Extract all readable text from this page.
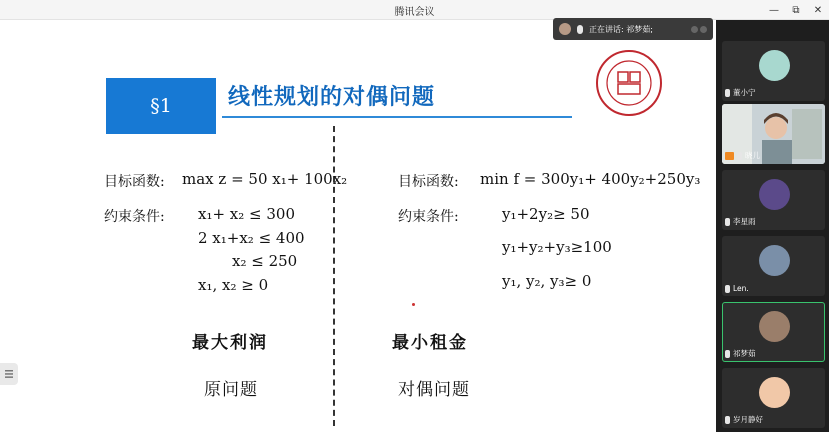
腾讯会议	—	⧉	✕
§1	线性规划的对偶问题
目标函数: max z = 50 x₁+ 100x₂
约束条件: x₁+ x₂ ≤ 300
2 x₁+x₂ ≤ 400
x₂ ≤ 250
x₁, x₂ ≥ 0
最大利润
原问题
目标函数: min f = 300y₁+ 400y₂+250y₃
约束条件:	y₁+2y₂≥ 50
y₁+y₂+y₃≥100
y₁, y₂, y₃≥ 0
最小租金
对偶问题
正在讲话: 祁梦茹;
董小宁
晓儿
李星雨
Len.
祁梦茹
岁月静好
